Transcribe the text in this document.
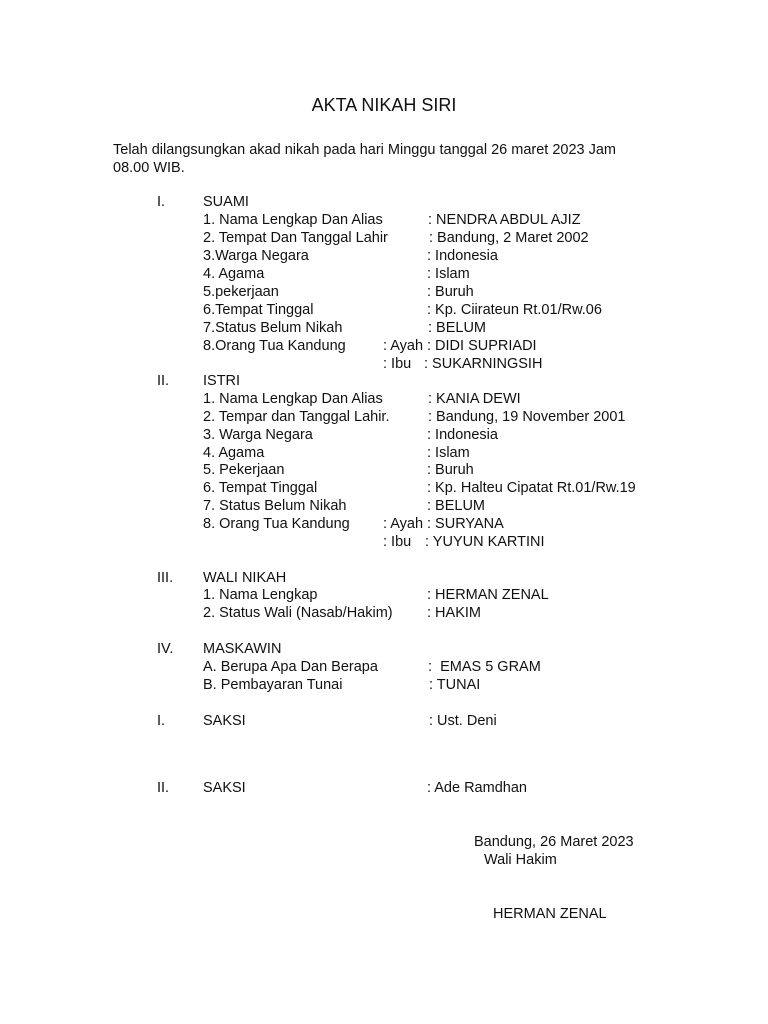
AKTA NIKAH SIRI
Telah dilangsungkan akad nikah pada hari Minggu tanggal 26 maret 2023 Jam 08.00 WIB.
I.	SUAMI
1. Nama Lengkap Dan Alias	: NENDRA ABDUL AJIZ
2. Tempat Dan Tanggal Lahir	: Bandung, 2 Maret 2002
3.Warga Negara	: Indonesia
4. Agama	: Islam
5.pekerjaan	: Buruh
6.Tempat Tinggal	: Kp. Ciirateun Rt.01/Rw.06
7.Status Belum Nikah	: BELUM
8.Orang Tua Kandung	: Ayah : DIDI SUPRIADI
: Ibu : SUKARNINGSIH
II. ISTRI
1. Nama Lengkap Dan Alias	: KANIA DEWI
2. Tempar dan Tanggal Lahir.	: Bandung, 19 November 2001
3. Warga Negara	: Indonesia
4. Agama	: Islam
5. Pekerjaan	: Buruh
6. Tempat Tinggal	: Kp. Halteu Cipatat Rt.01/Rw.19
7. Status Belum Nikah	: BELUM
8. Orang Tua Kandung : Ayah : SURYANA
: Ibu : YUYUN KARTINI
III. WALI NIKAH
1. Nama Lengkap	: HERMAN ZENAL
2. Status Wali (Nasab/Hakim) : HAKIM
IV. MASKAWIN
A. Berupa Apa Dan Berapa	:  EMAS 5 GRAM
B. Pembayaran Tunai	: TUNAI
I.	SAKSI	: Ust. Deni
II. SAKSI	: Ade Ramdhan
Bandung, 26 Maret 2023
Wali Hakim
HERMAN ZENAL
